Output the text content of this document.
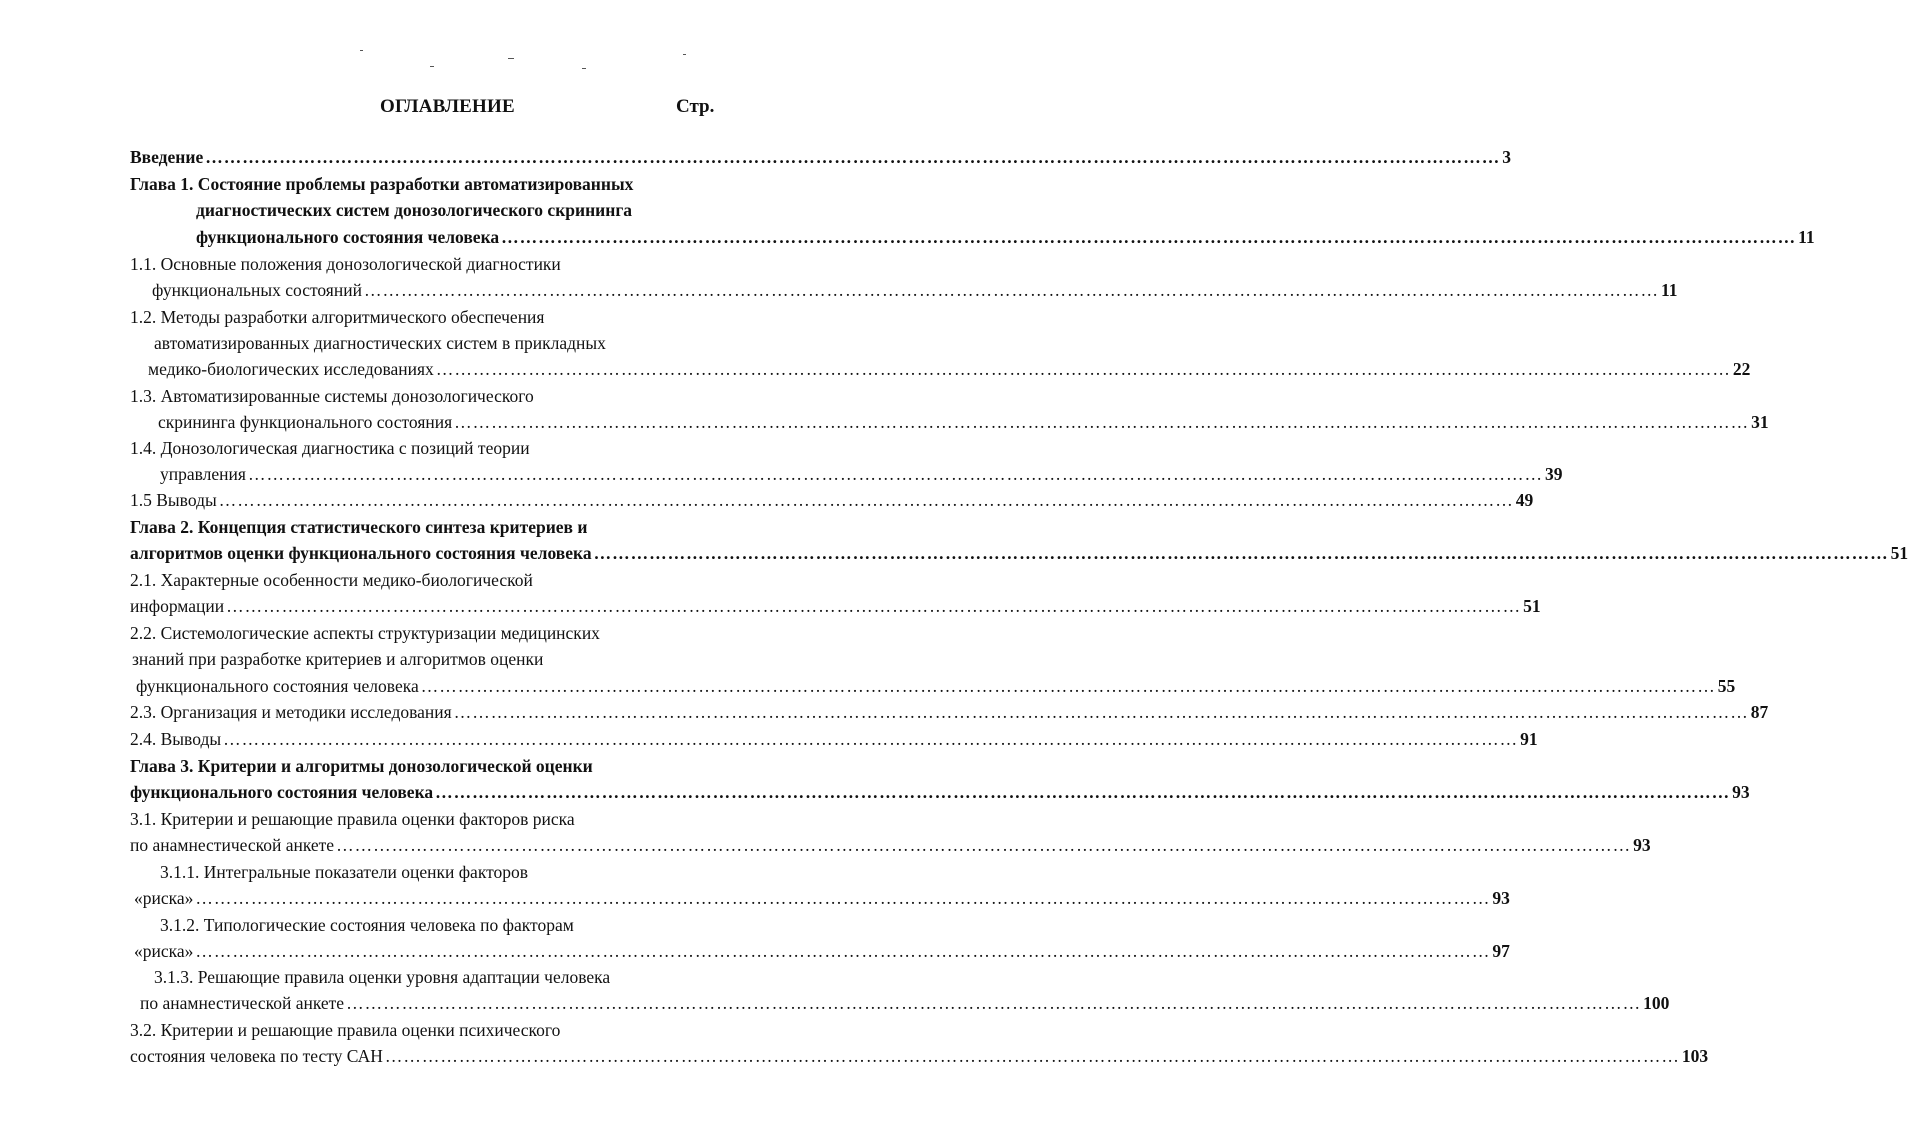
ОГЛАВЛЕНИЕ	Стр.
Введение ………………………………………………………………………………………………………………………………………………………………………………………… 3
Глава 1. Состояние проблемы разработки автоматизированных
диагностических систем донозологического скрининга
функционального состояния человека ………………………………………………………………………………………………………………………………………………………………………………………… 11
1.1. Основные положения донозологической диагностики
функциональных состояний ………………………………………………………………………………………………………………………………………………………………………………………… 11
1.2. Методы разработки алгоритмического обеспечения
автоматизированных диагностических систем в прикладных
медико-биологических исследованиях ………………………………………………………………………………………………………………………………………………………………………………………… 22
1.3. Автоматизированные системы донозологического
скрининга функционального состояния ………………………………………………………………………………………………………………………………………………………………………………………… 31
1.4. Донозологическая диагностика с позиций теории
управления ………………………………………………………………………………………………………………………………………………………………………………………… 39
1.5 Выводы ………………………………………………………………………………………………………………………………………………………………………………………… 49
Глава 2. Концепция статистического синтеза критериев и
алгоритмов оценки функционального состояния человека ………………………………………………………………………………………………………………………………………………………………………………………… 51
2.1. Характерные особенности медико-биологической
информации ………………………………………………………………………………………………………………………………………………………………………………………… 51
2.2. Системологические аспекты структуризации медицинских
знаний при разработке критериев и алгоритмов оценки
функционального состояния человека ………………………………………………………………………………………………………………………………………………………………………………………… 55
2.3. Организация и методики исследования ………………………………………………………………………………………………………………………………………………………………………………………… 87
2.4. Выводы ………………………………………………………………………………………………………………………………………………………………………………………… 91
Глава 3. Критерии и алгоритмы донозологической оценки
функционального состояния человека ………………………………………………………………………………………………………………………………………………………………………………………… 93
3.1. Критерии и решающие правила оценки факторов риска
по анамнестической анкете ………………………………………………………………………………………………………………………………………………………………………………………… 93
3.1.1. Интегральные показатели оценки факторов
«риска» ………………………………………………………………………………………………………………………………………………………………………………………… 93
3.1.2. Типологические состояния человека по факторам
«риска» ………………………………………………………………………………………………………………………………………………………………………………………… 97
3.1.3. Решающие правила оценки уровня адаптации человека
по анамнестической анкете ………………………………………………………………………………………………………………………………………………………………………………………… 100
3.2. Критерии и решающие правила оценки психического
состояния человека по тесту САН ………………………………………………………………………………………………………………………………………………………………………………………… 103
